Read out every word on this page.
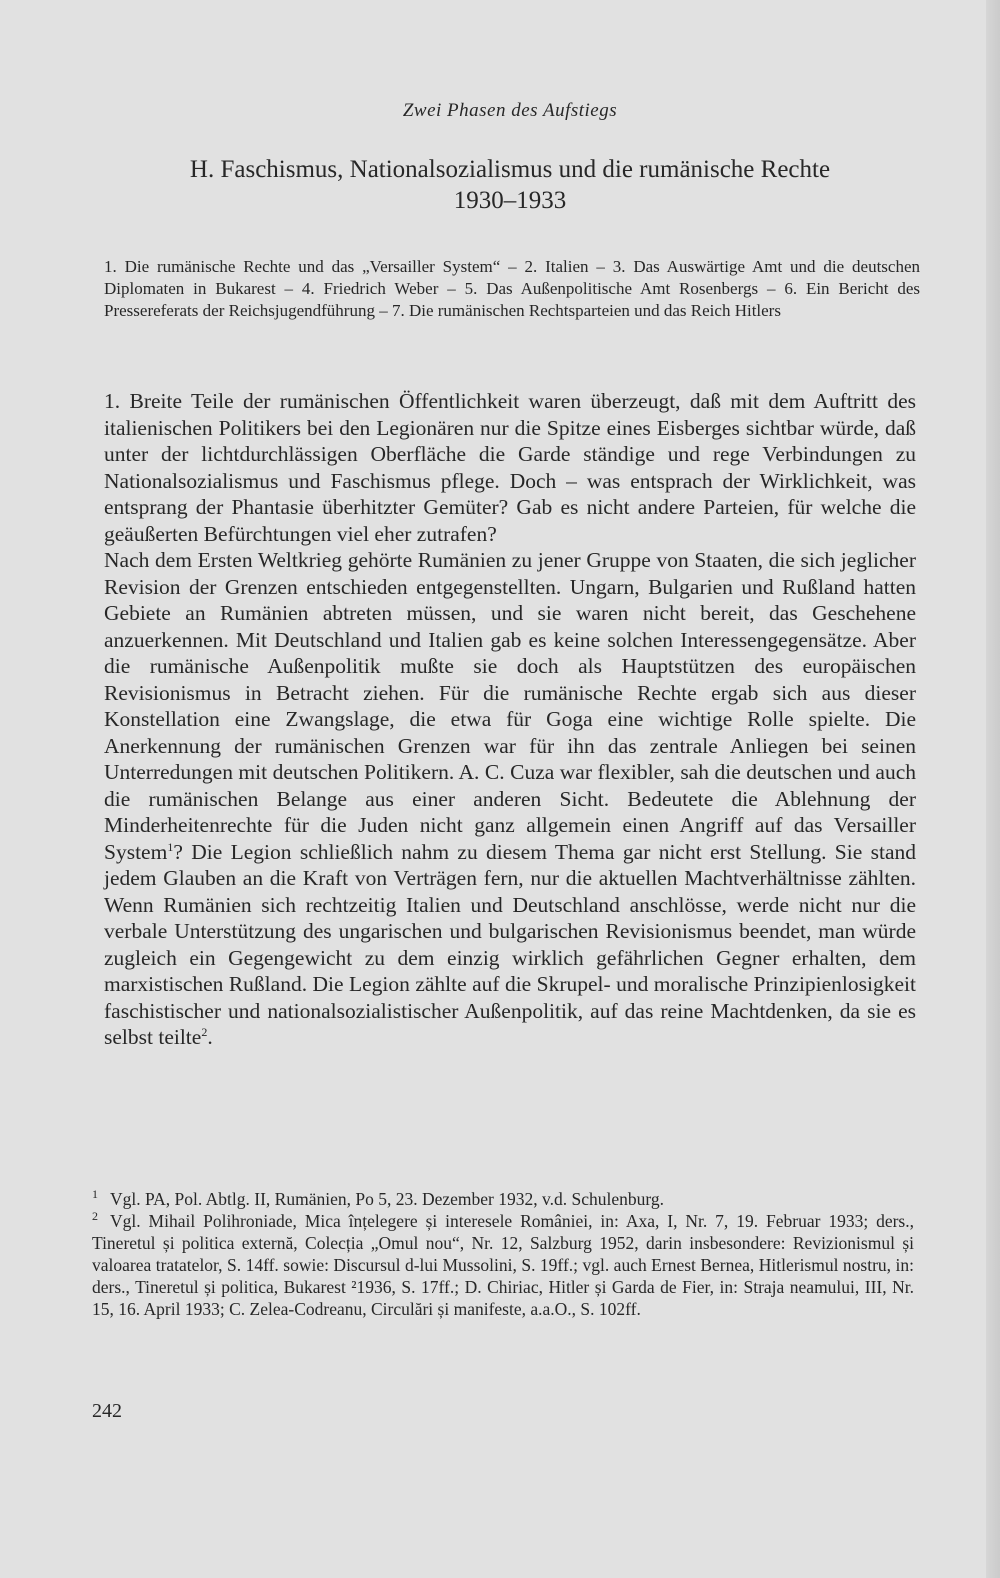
Zwei Phasen des Aufstiegs
H. Faschismus, Nationalsozialismus und die rumänische Rechte
1930–1933
1. Die rumänische Rechte und das „Versailler System“ – 2. Italien – 3. Das Auswärtige Amt und die deutschen Diplomaten in Bukarest – 4. Friedrich Weber – 5. Das Außenpolitische Amt Rosenbergs – 6. Ein Bericht des Pressereferats der Reichsjugendführung – 7. Die rumänischen Rechtsparteien und das Reich Hitlers

1. Breite Teile der rumänischen Öffentlichkeit waren überzeugt, daß mit dem Auftritt des italienischen Politikers bei den Legionären nur die Spitze eines Eisberges sichtbar würde, daß unter der lichtdurchlässigen Oberfläche die Garde ständige und rege Verbindungen zu Nationalsozialismus und Faschismus pflege. Doch – was entsprach der Wirklichkeit, was entsprang der Phantasie überhitzter Gemüter? Gab es nicht andere Parteien, für welche die geäußerten Befürchtungen viel eher zutrafen?

Nach dem Ersten Weltkrieg gehörte Rumänien zu jener Gruppe von Staaten, die sich jeglicher Revision der Grenzen entschieden entgegenstellten. Ungarn, Bulgarien und Rußland hatten Gebiete an Rumänien abtreten müssen, und sie waren nicht bereit, das Geschehene anzuerkennen. Mit Deutschland und Italien gab es keine solchen Interessengegensätze. Aber die rumänische Außenpolitik mußte sie doch als Hauptstützen des europäischen Revisionismus in Betracht ziehen. Für die rumänische Rechte ergab sich aus dieser Konstellation eine Zwangslage, die etwa für Goga eine wichtige Rolle spielte. Die Anerkennung der rumänischen Grenzen war für ihn das zentrale Anliegen bei seinen Unterredungen mit deutschen Politikern. A. C. Cuza war flexibler, sah die deutschen und auch die rumänischen Belange aus einer anderen Sicht. Bedeutete die Ablehnung der Minderheitenrechte für die Juden nicht ganz allgemein einen Angriff auf das Versailler System$^1$? Die Legion schließlich nahm zu diesem Thema gar nicht erst Stellung. Sie stand jedem Glauben an die Kraft von Verträgen fern, nur die aktuellen Machtverhältnisse zählten. Wenn Rumänien sich rechtzeitig Italien und Deutschland anschlösse, werde nicht nur die verbale Unterstützung des ungarischen und bulgarischen Revisionismus beendet, man würde zugleich ein Gegengewicht zu dem einzig wirklich gefährlichen Gegner erhalten, dem marxistischen Rußland. Die Legion zählte auf die Skrupel- und moralische Prinzipienlosigkeit faschistischer und nationalsozialistischer Außenpolitik, auf das reine Machtdenken, da sie es selbst teilte$^2$.

$^1$ Vgl. PA, Pol. Abtlg. II, Rumänien, Po 5, 23. Dezember 1932, v.d. Schulenburg.

$^2$ Vgl. Mihail Polihroniade, Mica înțelegere și interesele României, in: Axa, I, Nr. 7, 19. Februar 1933; ders., Tineretul și politica externă, Colecția „Omul nou“, Nr. 12, Salzburg 1952, darin insbesondere: Revizionismul și valoarea tratatelor, S. 14ff. sowie: Discursul d-lui Mussolini, S. 19ff.; vgl. auch Ernest Bernea, Hitlerismul nostru, in: ders., Tineretul și politica, Bukarest ²1936, S. 17ff.; D. Chiriac, Hitler și Garda de Fier, in: Straja neamului, III, Nr. 15, 16. April 1933; C. Zelea-Codreanu, Circulări și manifeste, a.a.O., S. 102ff.

242
